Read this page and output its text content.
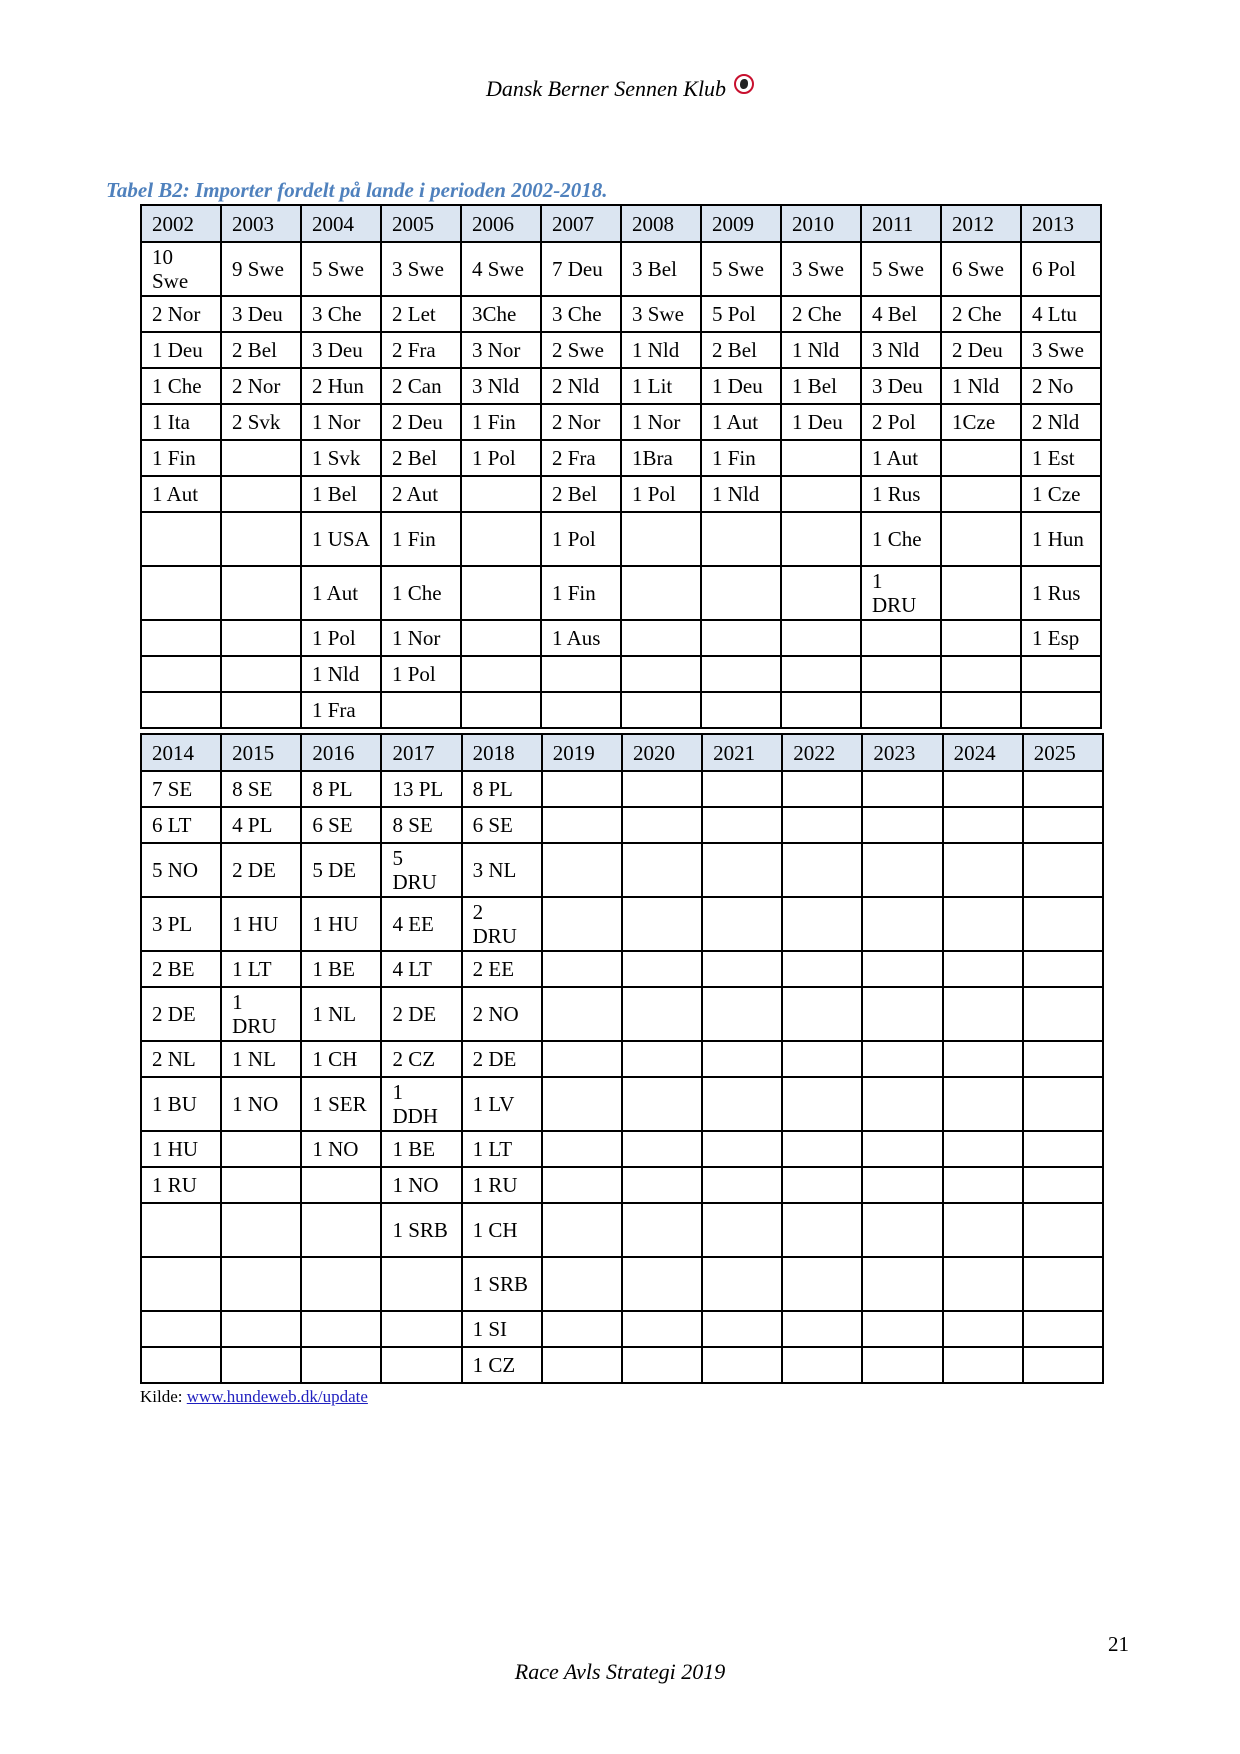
Dansk Berner Sennen Klub
Tabel B2: Importer fordelt på lande i perioden 2002-2018.
2002	2003	2004	2005	2006	2007	2008	2009	2010	2011	2012	2013
10 Swe	9 Swe	5 Swe	3 Swe	4 Swe	7 Deu	3 Bel	5 Swe	3 Swe	5 Swe	6 Swe	6 Pol
2 Nor	3 Deu	3 Che	2 Let	3Che	3 Che	3 Swe	5 Pol	2 Che	4 Bel	2 Che	4 Ltu
1 Deu	2 Bel	3 Deu	2 Fra	3 Nor	2 Swe	1 Nld	2 Bel	1 Nld	3 Nld	2 Deu	3 Swe
1 Che	2 Nor	2 Hun	2 Can	3 Nld	2 Nld	1 Lit	1 Deu	1 Bel	3 Deu	1 Nld	2 No
1 Ita	2 Svk	1 Nor	2 Deu	1 Fin	2 Nor	1 Nor	1 Aut	1 Deu	2 Pol	1Cze	2 Nld
1 Fin		1 Svk	2 Bel	1 Pol	2 Fra	1Bra	1 Fin		1 Aut		1 Est
1 Aut		1 Bel	2 Aut		2 Bel	1 Pol	1 Nld		1 Rus		1 Cze
		1 USA	1 Fin		1 Pol				1 Che		1 Hun
		1 Aut	1 Che		1 Fin				1 DRU		1 Rus
		1 Pol	1 Nor		1 Aus						1 Esp
		1 Nld	1 Pol								
		1 Fra									
2014	2015	2016	2017	2018	2019	2020	2021	2022	2023	2024	2025
7 SE	8 SE	8 PL	13 PL	8 PL							
6 LT	4 PL	6 SE	8 SE	6 SE							
5 NO	2 DE	5 DE	5 DRU	3 NL							
3 PL	1 HU	1 HU	4 EE	2 DRU							
2 BE	1 LT	1 BE	4 LT	2 EE							
2 DE	1 DRU	1 NL	2 DE	2 NO							
2 NL	1 NL	1 CH	2 CZ	2 DE							
1 BU	1 NO	1 SER	1 DDH	1 LV							
1 HU		1 NO	1 BE	1 LT							
1 RU			1 NO	1 RU							
			1 SRB	1 CH							
				1 SRB							
				1 SI							
				1 CZ							
Kilde: www.hundeweb.dk/update
21
Race Avls Strategi 2019
